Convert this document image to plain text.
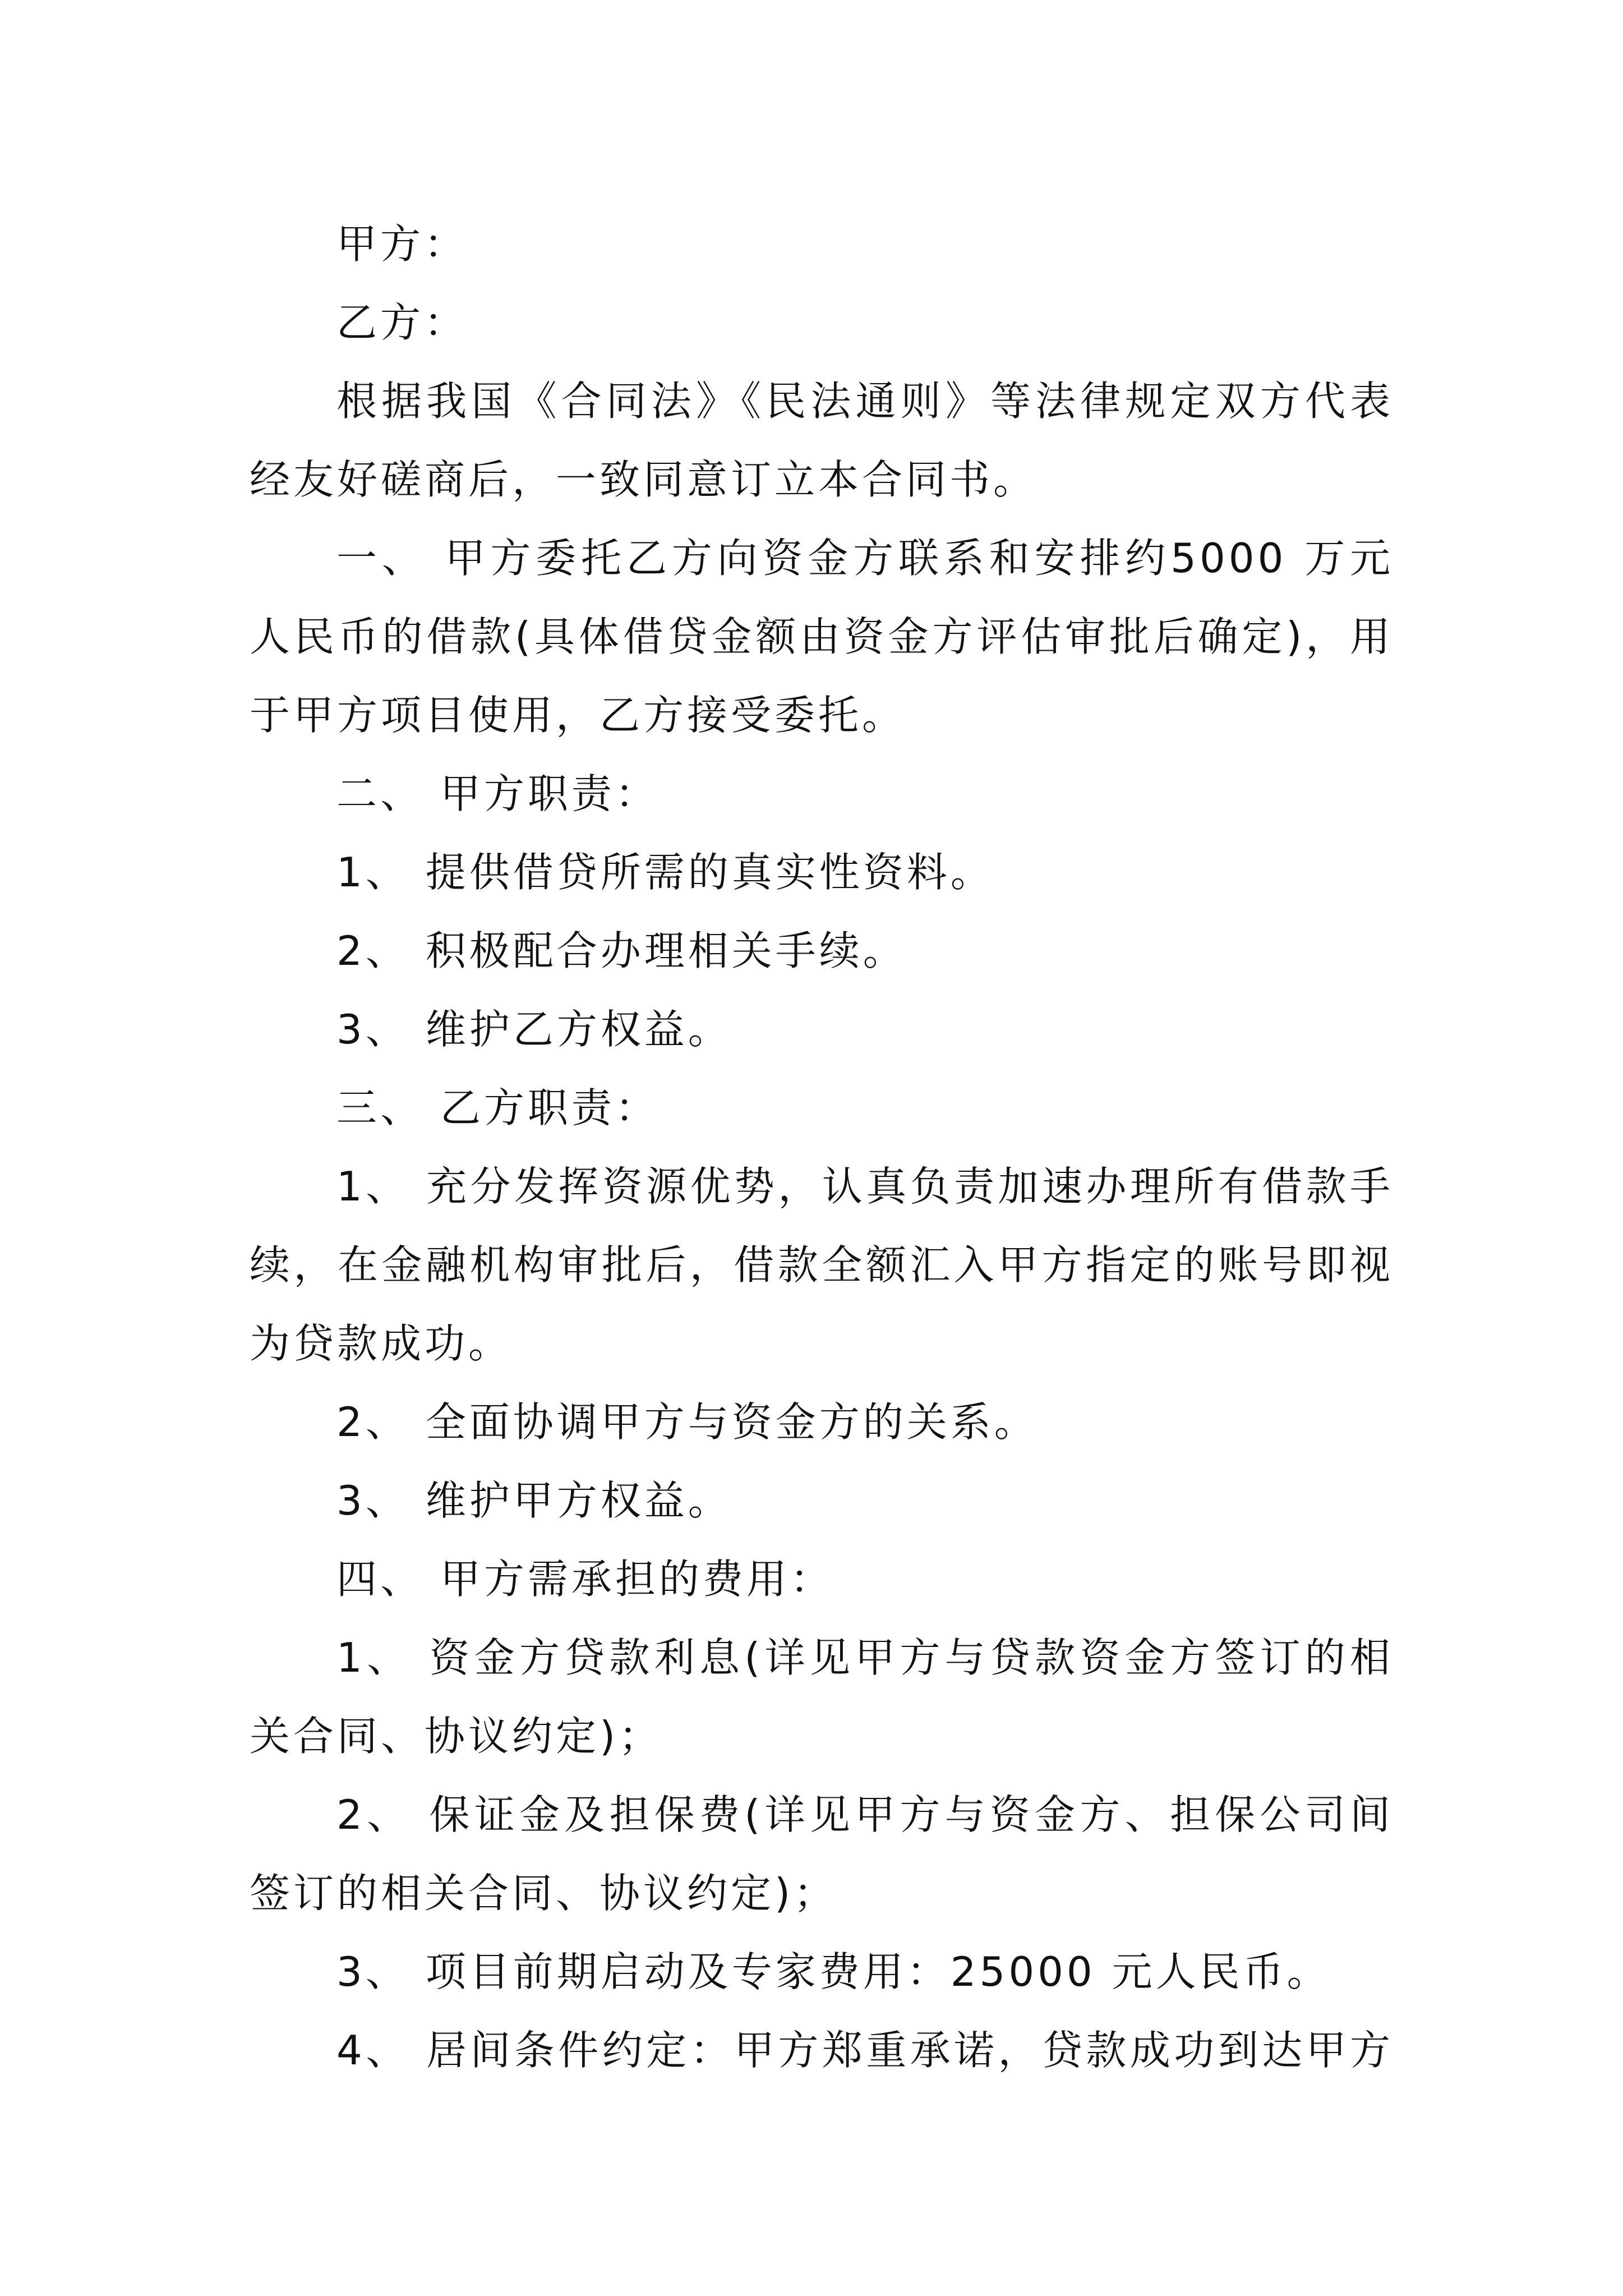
甲方：
乙方：
根据我国《合同法》《民法通则》等法律规定双方代表
经友好磋商后，一致同意订立本合同书。
一、 甲方委托乙方向资金方联系和安排约5000 万元
人民币的借款(具体借贷金额由资金方评估审批后确定)，用
于甲方项目使用，乙方接受委托。
二、 甲方职责：
1、 提供借贷所需的真实性资料。
2、 积极配合办理相关手续。
3、 维护乙方权益。
三、 乙方职责：
1、 充分发挥资源优势，认真负责加速办理所有借款手
续，在金融机构审批后，借款全额汇入甲方指定的账号即视
为贷款成功。
2、 全面协调甲方与资金方的关系。
3、 维护甲方权益。
四、 甲方需承担的费用：
1、 资金方贷款利息(详见甲方与贷款资金方签订的相
关合同、协议约定)；
2、 保证金及担保费(详见甲方与资金方、担保公司间
签订的相关合同、协议约定)；
3、 项目前期启动及专家费用：25000 元人民币。
4、 居间条件约定：甲方郑重承诺，贷款成功到达甲方
